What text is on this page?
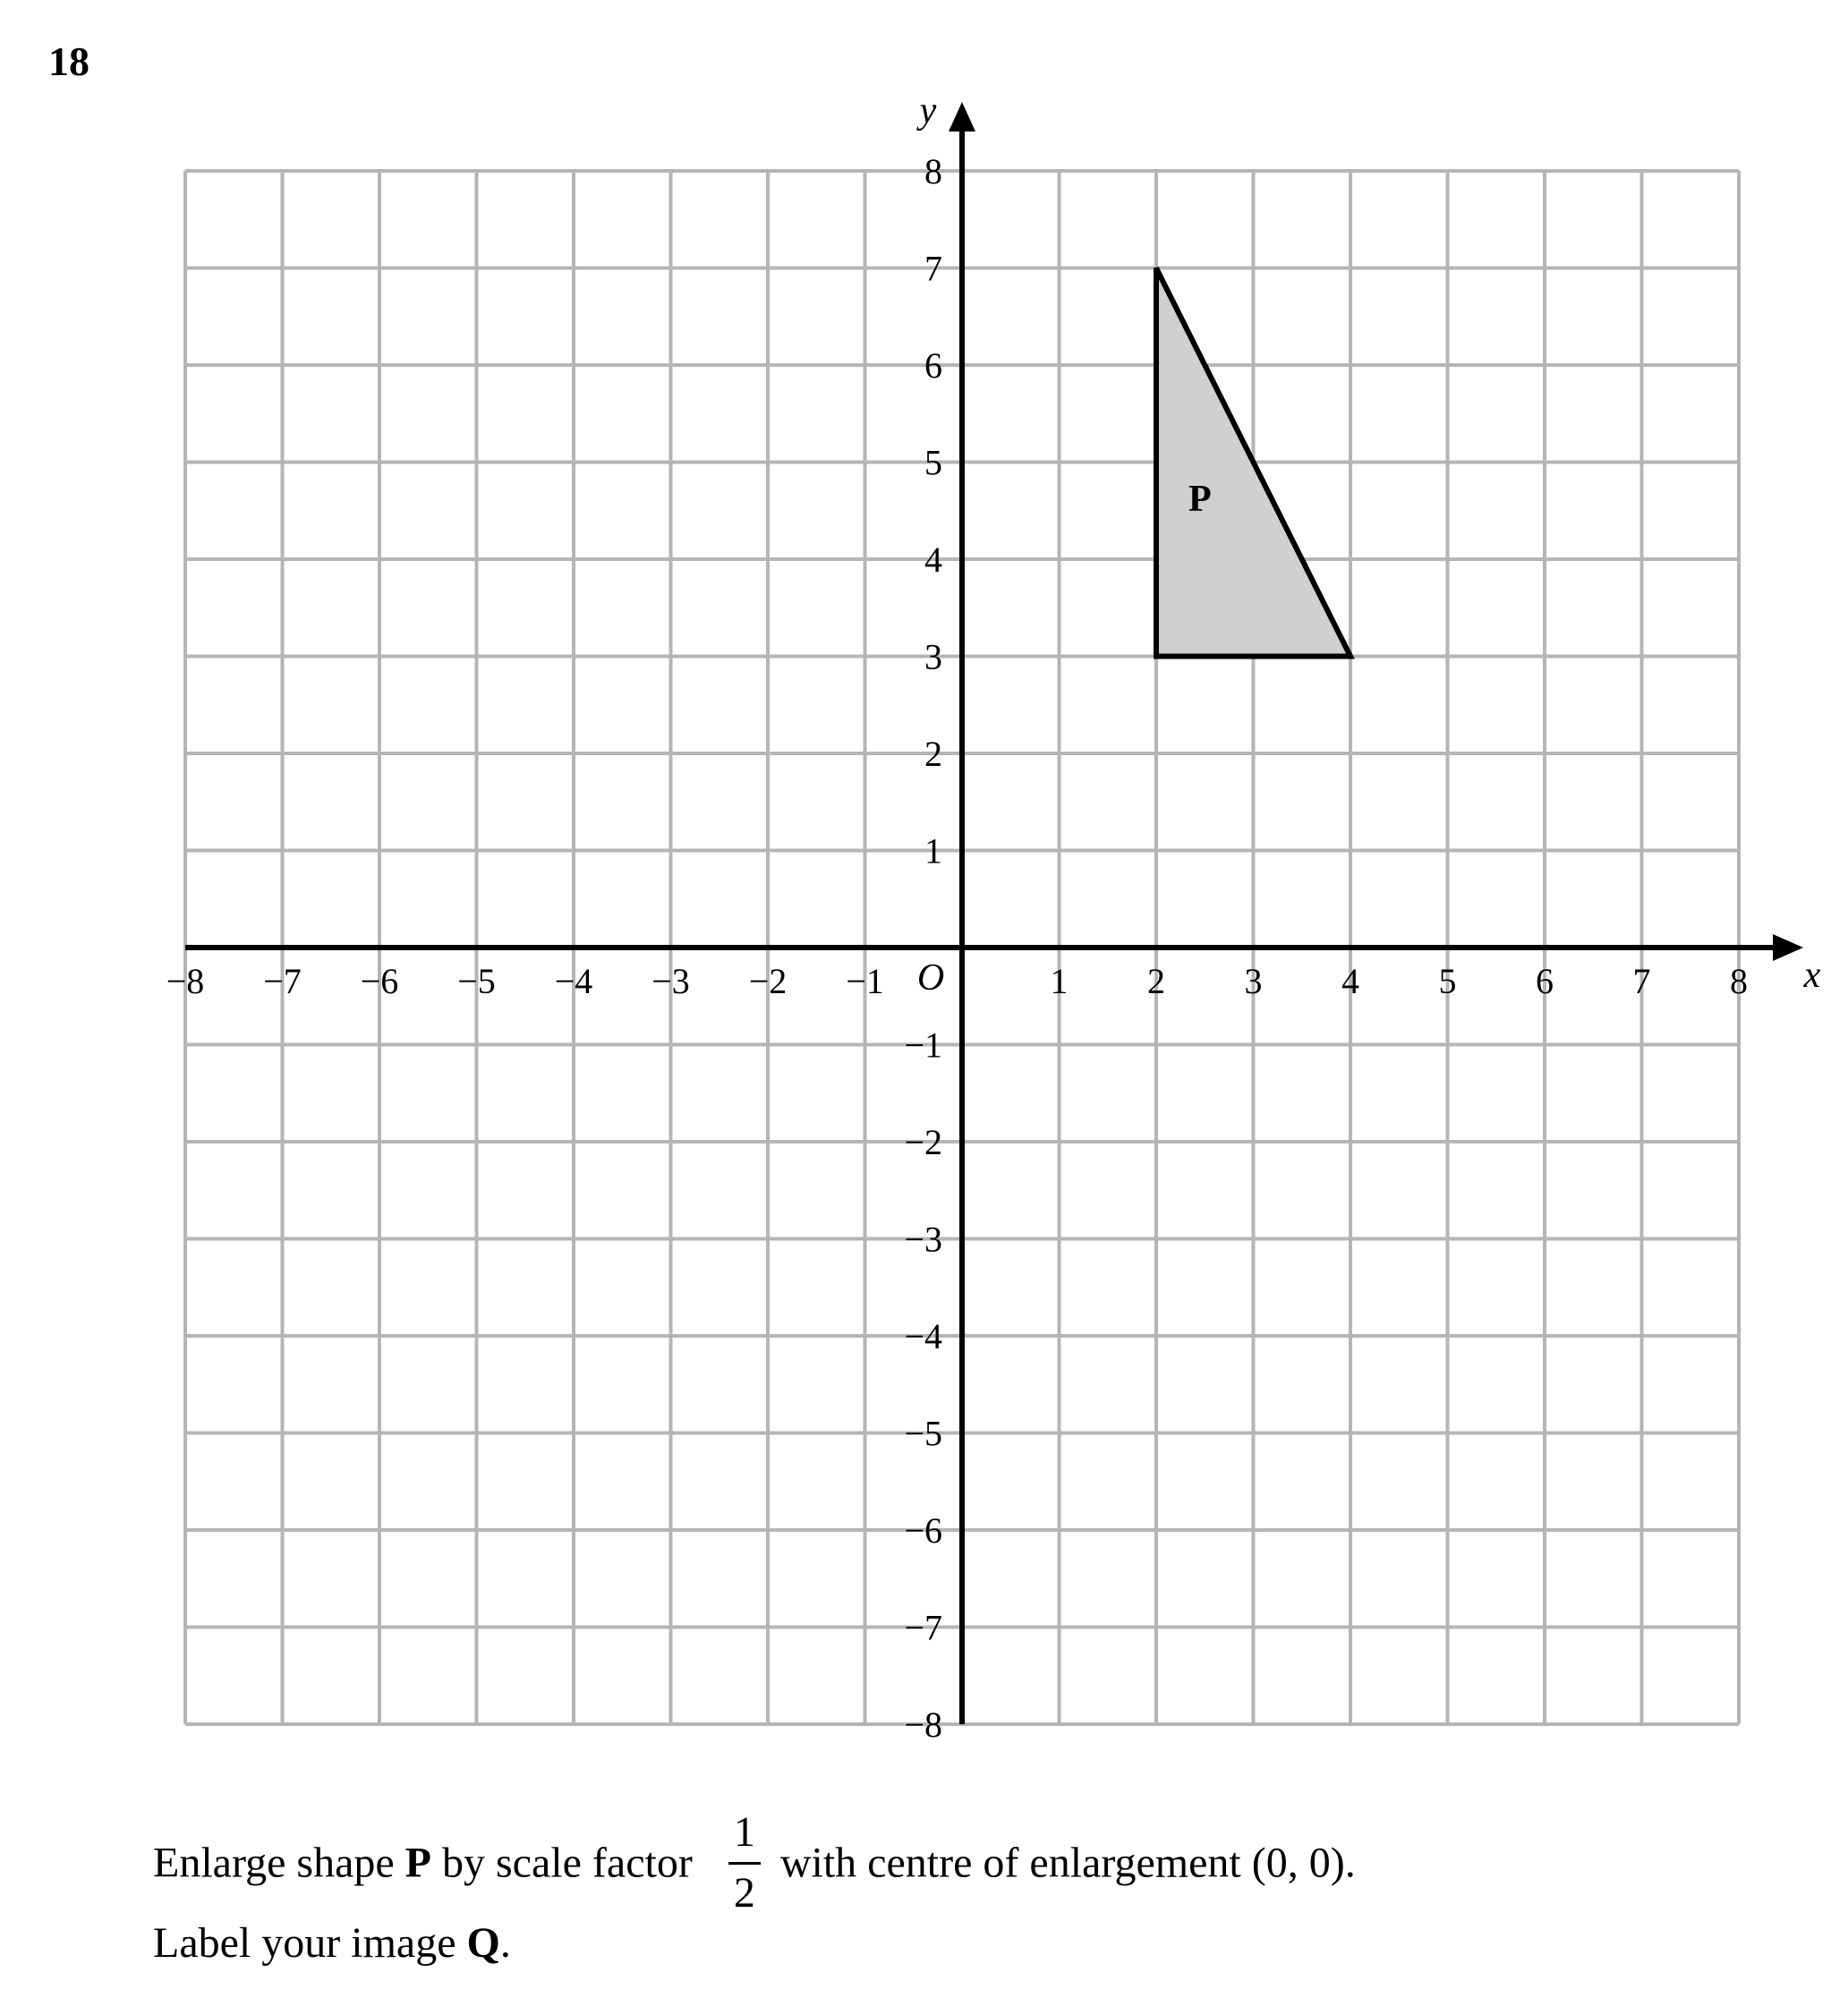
18
−8 −7 −6 −5 −4 −3 −2 −1	1 2 3 4 5 6 7 8
8
7
6
5
4
3
2
1
−1
−2
−3
−4
−5
−6
−7
−8
O	x
y
P
Enlarge shape P by scale factor $\frac{1}{2}$ with centre of enlargement (0, 0).
Label your image Q.
